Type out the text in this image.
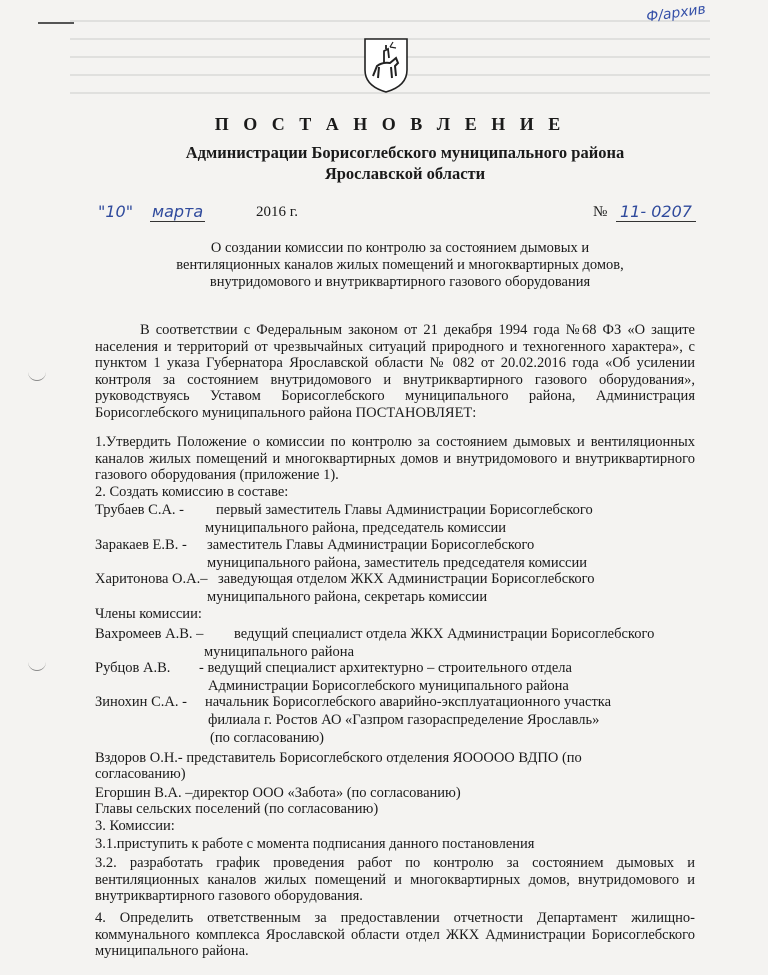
Ф/архив
П О С Т А Н О В Л Е Н И Е
Администрации Борисоглебского муниципального района
Ярославской области
"10" марта	2016 г.	№ 11- 0207
О создании комиссии по контролю за состоянием дымовых и вентиляционных каналов жилых помещений и многоквартирных домов, внутридомового и внутриквартирного газового оборудования
В соответствии с Федеральным законом от 21 декабря 1994 года №68 ФЗ «О защите населения и территорий от чрезвычайных ситуаций природного и техногенного характера», с пунктом 1 указа Губернатора Ярославской области № 082 от 20.02.2016 года «Об усилении контроля за состоянием внутридомового и внутриквартирного газового оборудования», руководствуясь Уставом Борисоглебского муниципального района, Администрация Борисоглебского муниципального района ПОСТАНОВЛЯЕТ:
1.Утвердить Положение о комиссии по контролю за состоянием дымовых и вентиляционных каналов жилых помещений и многоквартирных домов и внутридомового и внутриквартирного газового оборудования (приложение 1).
2. Создать комиссию в составе:
Трубаев С.А. - первый заместитель Главы Администрации Борисоглебского
муниципального района, председатель комиссии
Заракаев Е.В. - заместитель Главы Администрации Борисоглебского
муниципального района, заместитель председателя комиссии
Харитонова О.А.– заведующая отделом ЖКХ Администрации Борисоглебского
муниципального района, секретарь комиссии
Члены комиссии:
Вахромеев А.В. – ведущий специалист отдела ЖКХ Администрации Борисоглебского
муниципального района
Рубцов А.В. - ведущий специалист архитектурно – строительного отдела
Администрации Борисоглебского муниципального района
Зинохин С.А. - начальник Борисоглебского аварийно-эксплуатационного участка
филиала г. Ростов АО «Газпром газораспределение Ярославль»
(по согласованию)
Вздоров О.Н.- представитель Борисоглебского отделения ЯООООО ВДПО (по
согласованию)
Егоршин В.А. –директор ООО «Забота» (по согласованию)
Главы сельских поселений (по согласованию)
3. Комиссии:
3.1.приступить к работе с момента подписания данного постановления
3.2. разработать график проведения работ по контролю за состоянием дымовых и вентиляционных каналов жилых помещений и многоквартирных домов, внутридомового и внутриквартирного газового оборудования.
4. Определить ответственным за предоставлении отчетности Департамент жилищно-коммунального комплекса Ярославской области отдел ЖКХ Администрации Борисоглебского муниципального района.
